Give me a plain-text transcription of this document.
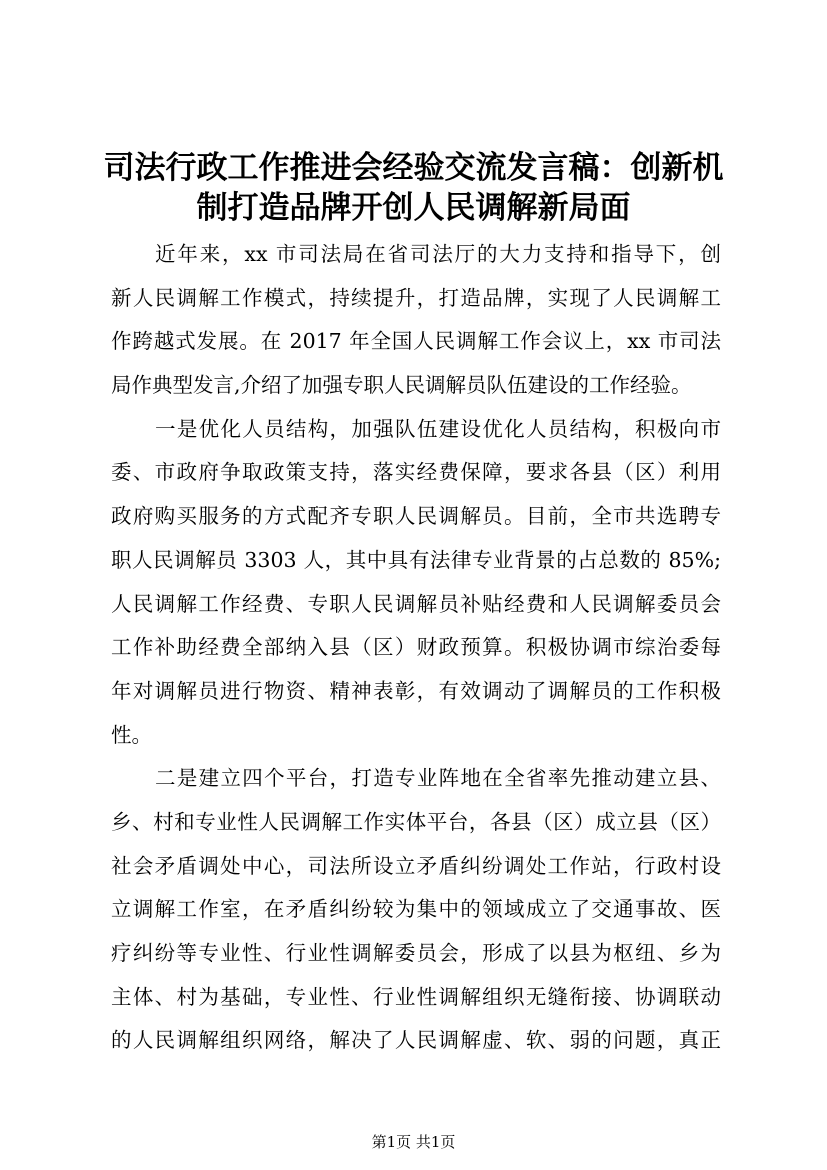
司法行政工作推进会经验交流发言稿：创新机
制打造品牌开创人民调解新局面
近年来，xx 市司法局在省司法厅的大力支持和指导下，创
新人民调解工作模式，持续提升，打造品牌，实现了人民调解工
作跨越式发展。在 2017 年全国人民调解工作会议上，xx 市司法
局作典型发言,介绍了加强专职人民调解员队伍建设的工作经验。
一是优化人员结构，加强队伍建设优化人员结构，积极向市
委、市政府争取政策支持，落实经费保障，要求各县（区）利用
政府购买服务的方式配齐专职人民调解员。目前，全市共选聘专
职人民调解员 3303 人，其中具有法律专业背景的占总数的 85%;
人民调解工作经费、专职人民调解员补贴经费和人民调解委员会
工作补助经费全部纳入县（区）财政预算。积极协调市综治委每
年对调解员进行物资、精神表彰，有效调动了调解员的工作积极
性。
二是建立四个平台，打造专业阵地在全省率先推动建立县、
乡、村和专业性人民调解工作实体平台，各县（区）成立县（区）
社会矛盾调处中心，司法所设立矛盾纠纷调处工作站，行政村设
立调解工作室，在矛盾纠纷较为集中的领域成立了交通事故、医
疗纠纷等专业性、行业性调解委员会，形成了以县为枢纽、乡为
主体、村为基础，专业性、行业性调解组织无缝衔接、协调联动
的人民调解组织网络，解决了人民调解虚、软、弱的问题，真正
第1页 共1页
